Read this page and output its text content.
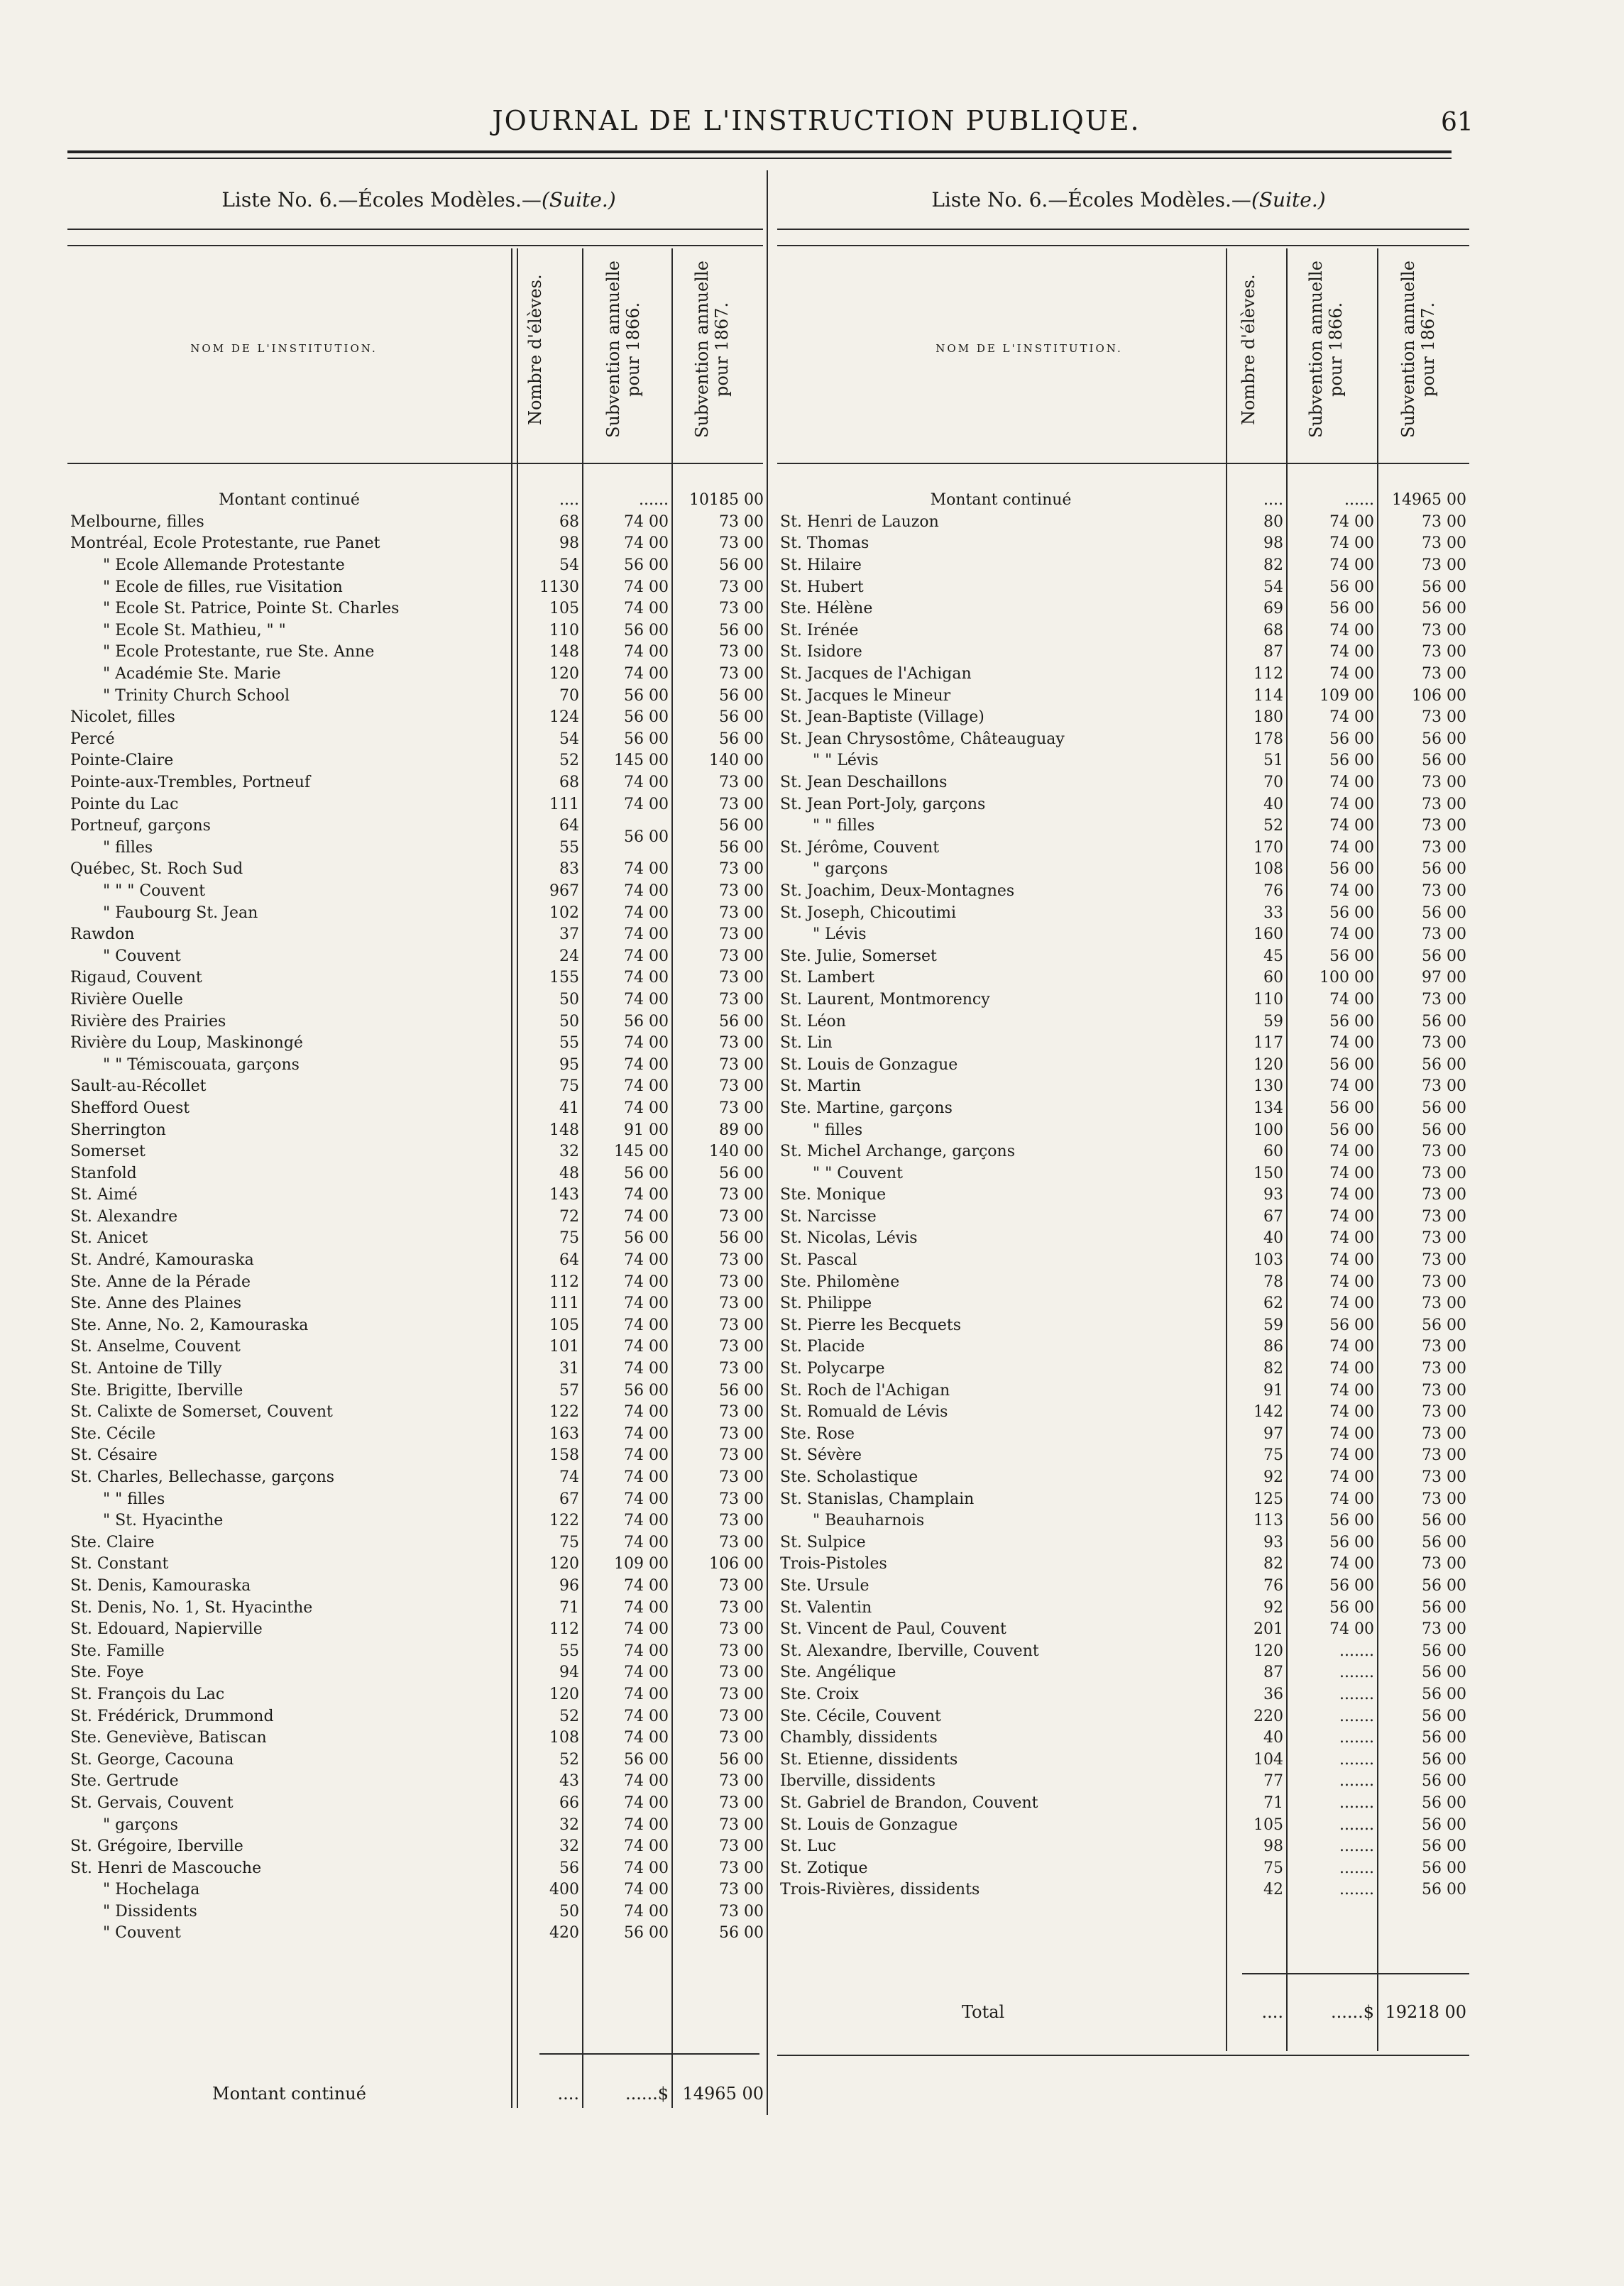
JOURNAL DE L'INSTRUCTION PUBLIQUE.	61
Liste No. 6.—Écoles Modèles.—(Suite.)
NOM DE L'INSTITUTION.	Nombre d'élèves.	Subvention annuelle pour 1866.	Subvention annuelle pour 1867.
Montant continué	....	......	10185 00
Melbourne, filles	68	74 00	73 00
Montréal, Ecole Protestante, rue Panet	98	74 00	73 00
" Ecole Allemande Protestante	54	56 00	56 00
" Ecole de filles, rue Visitation	1130	74 00	73 00
" Ecole St. Patrice, Pointe St. Charles	105	74 00	73 00
" Ecole St. Mathieu, " "	110	56 00	56 00
" Ecole Protestante, rue Ste. Anne	148	74 00	73 00
" Académie Ste. Marie	120	74 00	73 00
" Trinity Church School	70	56 00	56 00
Nicolet, filles	124	56 00	56 00
Percé	54	56 00	56 00
Pointe-Claire	52	145 00	140 00
Pointe-aux-Trembles, Portneuf	68	74 00	73 00
Pointe du Lac	111	74 00	73 00
Portneuf, garçons	64	56 00	56 00
" filles	55		56 00
Québec, St. Roch Sud	83	74 00	73 00
" " " Couvent	967	74 00	73 00
" Faubourg St. Jean	102	74 00	73 00
Rawdon	37	74 00	73 00
" Couvent	24	74 00	73 00
Rigaud, Couvent	155	74 00	73 00
Rivière Ouelle	50	74 00	73 00
Rivière des Prairies	50	56 00	56 00
Rivière du Loup, Maskinongé	55	74 00	73 00
" " Témiscouata, garçons	95	74 00	73 00
Sault-au-Récollet	75	74 00	73 00
Shefford Ouest	41	74 00	73 00
Sherrington	148	91 00	89 00
Somerset	32	145 00	140 00
Stanfold	48	56 00	56 00
St. Aimé	143	74 00	73 00
St. Alexandre	72	74 00	73 00
St. Anicet	75	56 00	56 00
St. André, Kamouraska	64	74 00	73 00
Ste. Anne de la Pérade	112	74 00	73 00
Ste. Anne des Plaines	111	74 00	73 00
Ste. Anne, No. 2, Kamouraska	105	74 00	73 00
St. Anselme, Couvent	101	74 00	73 00
St. Antoine de Tilly	31	74 00	73 00
Ste. Brigitte, Iberville	57	56 00	56 00
St. Calixte de Somerset, Couvent	122	74 00	73 00
Ste. Cécile	163	74 00	73 00
St. Césaire	158	74 00	73 00
St. Charles, Bellechasse, garçons	74	74 00	73 00
" " filles	67	74 00	73 00
" St. Hyacinthe	122	74 00	73 00
Ste. Claire	75	74 00	73 00
St. Constant	120	109 00	106 00
St. Denis, Kamouraska	96	74 00	73 00
St. Denis, No. 1, St. Hyacinthe	71	74 00	73 00
St. Edouard, Napierville	112	74 00	73 00
Ste. Famille	55	74 00	73 00
Ste. Foye	94	74 00	73 00
St. François du Lac	120	74 00	73 00
St. Frédérick, Drummond	52	74 00	73 00
Ste. Geneviève, Batiscan	108	74 00	73 00
St. George, Cacouna	52	56 00	56 00
Ste. Gertrude	43	74 00	73 00
St. Gervais, Couvent	66	74 00	73 00
" garçons	32	74 00	73 00
St. Grégoire, Iberville	32	74 00	73 00
St. Henri de Mascouche	56	74 00	73 00
" Hochelaga	400	74 00	73 00
" Dissidents	50	74 00	73 00
" Couvent	420	56 00	56 00
Montant continué	....	......$	14965 00
Liste No. 6.—Écoles Modèles.—(Suite.)
NOM DE L'INSTITUTION.	Nombre d'élèves.	Subvention annuelle pour 1866.	Subvention annuelle pour 1867.
Montant continué	....	......	14965 00
St. Henri de Lauzon	80	74 00	73 00
St. Thomas	98	74 00	73 00
St. Hilaire	82	74 00	73 00
St. Hubert	54	56 00	56 00
Ste. Hélène	69	56 00	56 00
St. Irénée	68	74 00	73 00
St. Isidore	87	74 00	73 00
St. Jacques de l'Achigan	112	74 00	73 00
St. Jacques le Mineur	114	109 00	106 00
St. Jean-Baptiste (Village)	180	74 00	73 00
St. Jean Chrysostôme, Châteauguay	178	56 00	56 00
" " Lévis	51	56 00	56 00
St. Jean Deschaillons	70	74 00	73 00
St. Jean Port-Joly, garçons	40	74 00	73 00
" " filles	52	74 00	73 00
St. Jérôme, Couvent	170	74 00	73 00
" garçons	108	56 00	56 00
St. Joachim, Deux-Montagnes	76	74 00	73 00
St. Joseph, Chicoutimi	33	56 00	56 00
" Lévis	160	74 00	73 00
Ste. Julie, Somerset	45	56 00	56 00
St. Lambert	60	100 00	97 00
St. Laurent, Montmorency	110	74 00	73 00
St. Léon	59	56 00	56 00
St. Lin	117	74 00	73 00
St. Louis de Gonzague	120	56 00	56 00
St. Martin	130	74 00	73 00
Ste. Martine, garçons	134	56 00	56 00
" filles	100	56 00	56 00
St. Michel Archange, garçons	60	74 00	73 00
" " Couvent	150	74 00	73 00
Ste. Monique	93	74 00	73 00
St. Narcisse	67	74 00	73 00
St. Nicolas, Lévis	40	74 00	73 00
St. Pascal	103	74 00	73 00
Ste. Philomène	78	74 00	73 00
St. Philippe	62	74 00	73 00
St. Pierre les Becquets	59	56 00	56 00
St. Placide	86	74 00	73 00
St. Polycarpe	82	74 00	73 00
St. Roch de l'Achigan	91	74 00	73 00
St. Romuald de Lévis	142	74 00	73 00
Ste. Rose	97	74 00	73 00
St. Sévère	75	74 00	73 00
Ste. Scholastique	92	74 00	73 00
St. Stanislas, Champlain	125	74 00	73 00
" Beauharnois	113	56 00	56 00
St. Sulpice	93	56 00	56 00
Trois-Pistoles	82	74 00	73 00
Ste. Ursule	76	56 00	56 00
St. Valentin	92	56 00	56 00
St. Vincent de Paul, Couvent	201	74 00	73 00
St. Alexandre, Iberville, Couvent	120	.......	56 00
Ste. Angélique	87	.......	56 00
Ste. Croix	36	.......	56 00
Ste. Cécile, Couvent	220	.......	56 00
Chambly, dissidents	40	.......	56 00
St. Etienne, dissidents	104	.......	56 00
Iberville, dissidents	77	.......	56 00
St. Gabriel de Brandon, Couvent	71	.......	56 00
St. Louis de Gonzague	105	.......	56 00
St. Luc	98	.......	56 00
St. Zotique	75	.......	56 00
Trois-Rivières, dissidents	42	.......	56 00
Total	....	......$	19218 00
